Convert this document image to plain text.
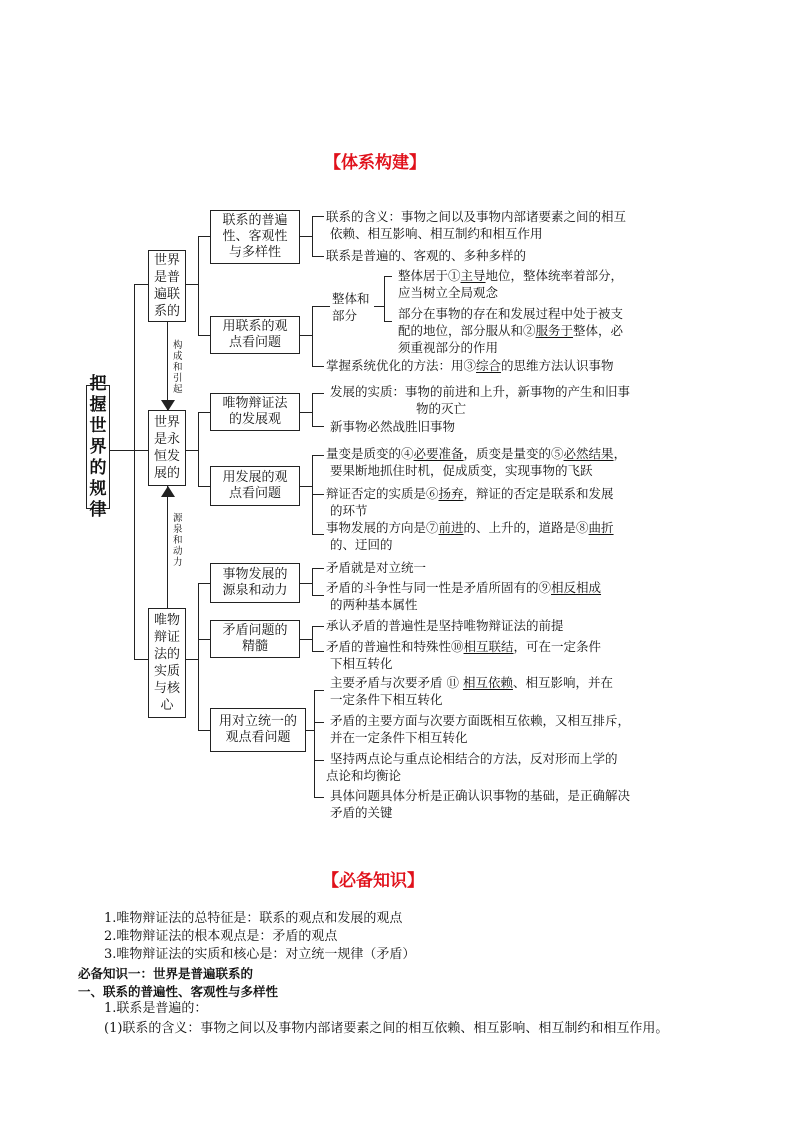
【体系构建】
把
握
世
界
的
规
律
世界是普
遍联系的
世界
是永恒发
展的
唯物
辩证
法的
实质
与核
心
构
成
和
引
起
源
泉
和
动
力
联系的普遍
性、客观性
与多样性
用联系的观
点看问题
唯物辩证法
的发展观
用发展的观
点看问题
事物发展的
源泉和动力
矛盾问题的
精髓
用对立统一的
观点看问题
整体和
部分
联系的含义：事物之间以及事物内部诸要素之间的相互
依赖、相互影响、相互制约和相互作用
联系是普遍的、客观的、多种多样的
整体居于①主导地位，整体统率着部分，
应当树立全局观念
部分在事物的存在和发展过程中处于被支
配的地位，部分服从和②服务于整体，必
须重视部分的作用
掌握系统优化的方法：用③综合的思维方法认识事物
发展的实质：事物的前进和上升，新事物的产生和旧事
物的灭亡
新事物必然战胜旧事物
量变是质变的④必要准备，质变是量变的⑤必然结果，
要果断地抓住时机，促成质变，实现事物的飞跃
辩证否定的实质是⑥扬弃，辩证的否定是联系和发展
的环节
事物发展的方向是⑦前进的、上升的，道路是⑧曲折
的、迂回的
矛盾就是对立统一
矛盾的斗争性与同一性是矛盾所固有的⑨相反相成
的两种基本属性
承认矛盾的普遍性是坚持唯物辩证法的前提
矛盾的普遍性和特殊性⑩相互联结，可在一定条件
下相互转化
主要矛盾与次要矛盾 ⑪ 相互依赖、相互影响，并在
一定条件下相互转化
矛盾的主要方面与次要方面既相互依赖，又相互排斥，
并在一定条件下相互转化
坚持两点论与重点论相结合的方法，反对形而上学的
点论和均衡论
具体问题具体分析是正确认识事物的基础，是正确解决
矛盾的关键
【必备知识】
1.唯物辩证法的总特征是：联系的观点和发展的观点
2.唯物辩证法的根本观点是：矛盾的观点
3.唯物辩证法的实质和核心是：对立统一规律（矛盾）
必备知识一：世界是普遍联系的
一、联系的普遍性、客观性与多样性
1.联系是普遍的：
(1)联系的含义：事物之间以及事物内部诸要素之间的相互依赖、相互影响、相互制约和相互作用。
